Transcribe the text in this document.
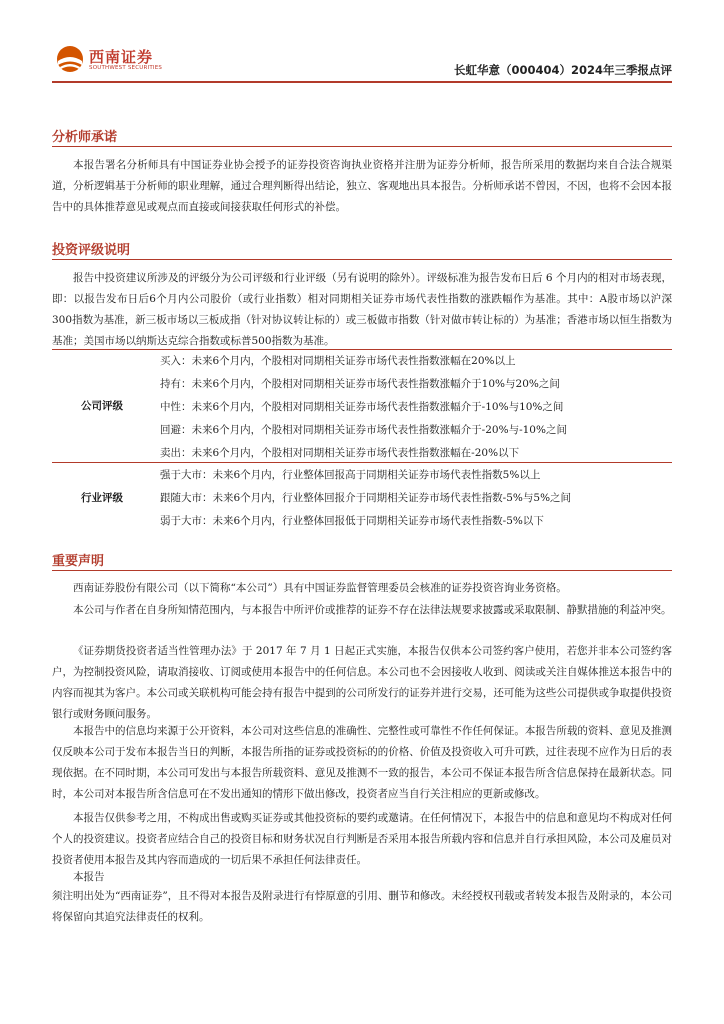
西南证券
SOUTHWEST SECURITIES	长虹华意（000404）2024年三季报点评
分析师承诺
本报告署名分析师具有中国证券业协会授予的证券投资咨询执业资格并注册为证券分析师，报告所采用的数据均来自合法合规渠道，分析逻辑基于分析师的职业理解，通过合理判断得出结论，独立、客观地出具本报告。分析师承诺不曾因，不因，也将不会因本报告中的具体推荐意见或观点而直接或间接获取任何形式的补偿。
投资评级说明
报告中投资建议所涉及的评级分为公司评级和行业评级（另有说明的除外）。评级标准为报告发布日后 6 个月内的相对市场表现，即：以报告发布日后6个月内公司股价（或行业指数）相对同期相关证券市场代表性指数的涨跌幅作为基准。其中：A股市场以沪深300指数为基准，新三板市场以三板成指（针对协议转让标的）或三板做市指数（针对做市转让标的）为基准；香港市场以恒生指数为基准；美国市场以纳斯达克综合指数或标普500指数为基准。
公司评级
买入：未来6个月内，个股相对同期相关证券市场代表性指数涨幅在20%以上
持有：未来6个月内，个股相对同期相关证券市场代表性指数涨幅介于10%与20%之间
中性：未来6个月内，个股相对同期相关证券市场代表性指数涨幅介于-10%与10%之间
回避：未来6个月内，个股相对同期相关证券市场代表性指数涨幅介于-20%与-10%之间
卖出：未来6个月内，个股相对同期相关证券市场代表性指数涨幅在-20%以下
行业评级
强于大市：未来6个月内，行业整体回报高于同期相关证券市场代表性指数5%以上
跟随大市：未来6个月内，行业整体回报介于同期相关证券市场代表性指数-5%与5%之间
弱于大市：未来6个月内，行业整体回报低于同期相关证券市场代表性指数-5%以下
重要声明
西南证券股份有限公司（以下简称“本公司”）具有中国证券监督管理委员会核准的证券投资咨询业务资格。
本公司与作者在自身所知情范围内，与本报告中所评价或推荐的证券不存在法律法规要求披露或采取限制、静默措施的利益冲突。
《证券期货投资者适当性管理办法》于 2017 年 7 月 1 日起正式实施，本报告仅供本公司签约客户使用，若您并非本公司签约客户，为控制投资风险，请取消接收、订阅或使用本报告中的任何信息。本公司也不会因接收人收到、阅读或关注自媒体推送本报告中的内容而视其为客户。本公司或关联机构可能会持有报告中提到的公司所发行的证券并进行交易，还可能为这些公司提供或争取提供投资银行或财务顾问服务。
本报告中的信息均来源于公开资料，本公司对这些信息的准确性、完整性或可靠性不作任何保证。本报告所载的资料、意见及推测仅反映本公司于发布本报告当日的判断，本报告所指的证券或投资标的的价格、价值及投资收入可升可跌，过往表现不应作为日后的表现依据。在不同时期，本公司可发出与本报告所载资料、意见及推测不一致的报告，本公司不保证本报告所含信息保持在最新状态。同时，本公司对本报告所含信息可在不发出通知的情形下做出修改，投资者应当自行关注相应的更新或修改。
本报告仅供参考之用，不构成出售或购买证券或其他投资标的要约或邀请。在任何情况下，本报告中的信息和意见均不构成对任何个人的投资建议。投资者应结合自己的投资目标和财务状况自行判断是否采用本报告所载内容和信息并自行承担风险，本公司及雇员对投资者使用本报告及其内容而造成的一切后果不承担任何法律责任。
本报告
须注明出处为“西南证券”，且不得对本报告及附录进行有悖原意的引用、删节和修改。未经授权刊载或者转发本报告及附录的，本公司将保留向其追究法律责任的权利。
